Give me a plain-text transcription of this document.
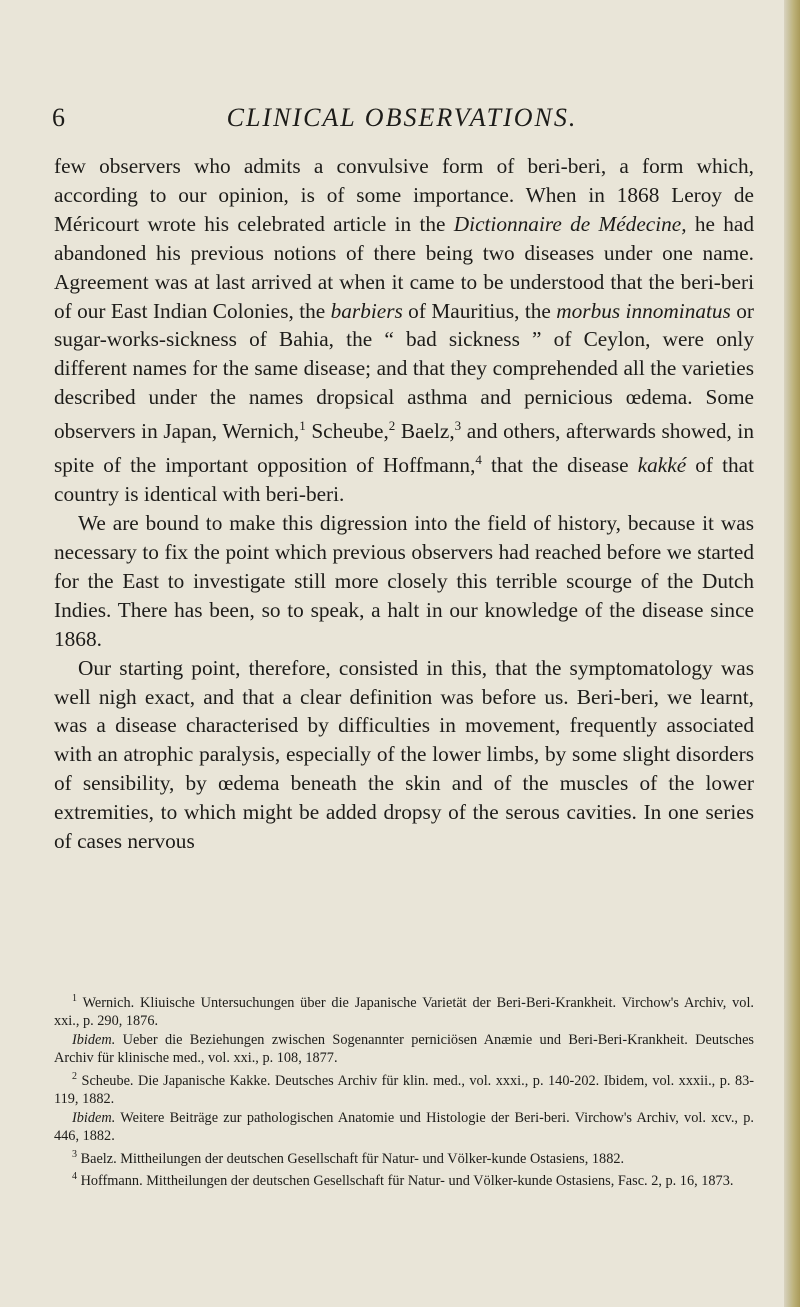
6	CLINICAL OBSERVATIONS.

few observers who admits a convulsive form of beri-beri, a form which, according to our opinion, is of some importance. When in 1868 Leroy de Méricourt wrote his celebrated article in the Dictionnaire de Médecine, he had abandoned his previous notions of there being two diseases under one name. Agreement was at last arrived at when it came to be understood that the beri-beri of our East Indian Colonies, the barbiers of Mauritius, the morbus innominatus or sugar-works-sickness of Bahia, the “ bad sickness ” of Ceylon, were only different names for the same disease; and that they comprehended all the varieties described under the names dropsical asthma and pernicious œdema. Some observers in Japan, Wernich,$^1$ Scheube,$^2$ Baelz,$^3$ and others, afterwards showed, in spite of the important opposition of Hoffmann,$^4$ that the disease kakké of that country is identical with beri-beri.

We are bound to make this digression into the field of history, because it was necessary to fix the point which previous observers had reached before we started for the East to investigate still more closely this terrible scourge of the Dutch Indies. There has been, so to speak, a halt in our knowledge of the disease since 1868.

Our starting point, therefore, consisted in this, that the symptomatology was well nigh exact, and that a clear definition was before us. Beri-beri, we learnt, was a disease characterised by difficulties in movement, frequently associated with an atrophic paralysis, especially of the lower limbs, by some slight disorders of sensibility, by œdema beneath the skin and of the muscles of the lower extremities, to which might be added dropsy of the serous cavities. In one series of cases nervous

$^1$ Wernich. Kliuische Untersuchungen über die Japanische Varietät der Beri-Beri-Krankheit. Virchow's Archiv, vol. xxi., p. 290, 1876.

Ibidem. Ueber die Beziehungen zwischen Sogenannter perniciösen Anæmie und Beri-Beri-Krankheit. Deutsches Archiv für klinische med., vol. xxi., p. 108, 1877.

$^2$ Scheube. Die Japanische Kakke. Deutsches Archiv für klin. med., vol. xxxi., p. 140-202. Ibidem, vol. xxxii., p. 83-119, 1882.

Ibidem. Weitere Beiträge zur pathologischen Anatomie und Histologie der Beri-beri. Virchow's Archiv, vol. xcv., p. 446, 1882.

$^3$ Baelz. Mittheilungen der deutschen Gesellschaft für Natur- und Völker-kunde Ostasiens, 1882.

$^4$ Hoffmann. Mittheilungen der deutschen Gesellschaft für Natur- und Völker-kunde Ostasiens, Fasc. 2, p. 16, 1873.
